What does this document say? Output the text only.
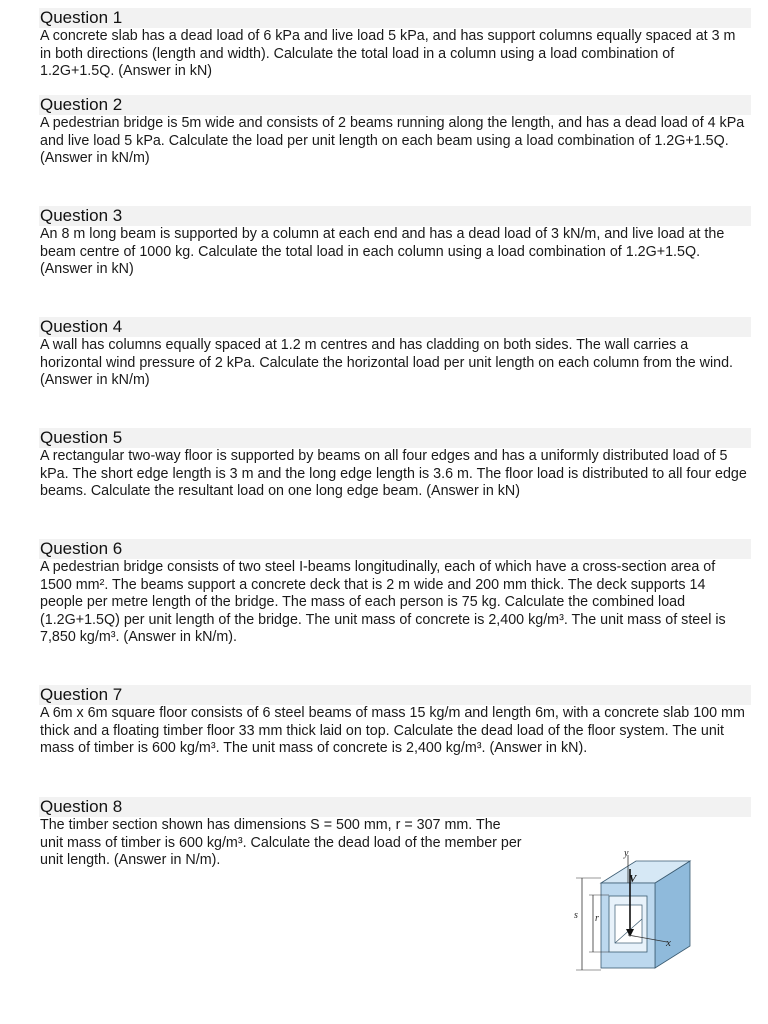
Question 1
A concrete slab has a dead load of 6 kPa and live load 5 kPa, and has support columns equally spaced at 3 m in both directions (length and width). Calculate the total load in a column using a load combination of 1.2G+1.5Q. (Answer in kN)
Question 2
A pedestrian bridge is 5m wide and consists of 2 beams running along the length, and has a dead load of 4 kPa and live load 5 kPa. Calculate the load per unit length on each beam using a load combination of 1.2G+1.5Q. (Answer in kN/m)
Question 3
An 8 m long beam is supported by a column at each end and has a dead load of 3 kN/m, and live load at the beam centre of 1000 kg. Calculate the total load in each column using a load combination of 1.2G+1.5Q. (Answer in kN)
Question 4
A wall has columns equally spaced at 1.2 m centres and has cladding on both sides. The wall carries a horizontal wind pressure of 2 kPa. Calculate the horizontal load per unit length on each column from the wind. (Answer in kN/m)
Question 5
A rectangular two-way floor is supported by beams on all four edges and has a uniformly distributed load of 5 kPa. The short edge length is 3 m and the long edge length is 3.6 m. The floor load is distributed to all four edge beams. Calculate the resultant load on one long edge beam. (Answer in kN)
Question 6
A pedestrian bridge consists of two steel I-beams longitudinally, each of which have a cross-section area of 1500 mm². The beams support a concrete deck that is 2 m wide and 200 mm thick. The deck supports 14 people per metre length of the bridge. The mass of each person is 75 kg. Calculate the combined load (1.2G+1.5Q) per unit length of the bridge. The unit mass of concrete is 2,400 kg/m³. The unit mass of steel is 7,850 kg/m³. (Answer in kN/m).
Question 7
A 6m x 6m square floor consists of 6 steel beams of mass 15 kg/m and length 6m, with a concrete slab 100 mm thick and a floating timber floor 33 mm thick laid on top. Calculate the dead load of the floor system. The unit mass of timber is 600 kg/m³. The unit mass of concrete is 2,400 kg/m³. (Answer in kN).
Question 8
The timber section shown has dimensions S = 500 mm, r = 307 mm. The unit mass of timber is 600 kg/m³. Calculate the dead load of the member per unit length. (Answer in N/m).	y
V
x
s r
